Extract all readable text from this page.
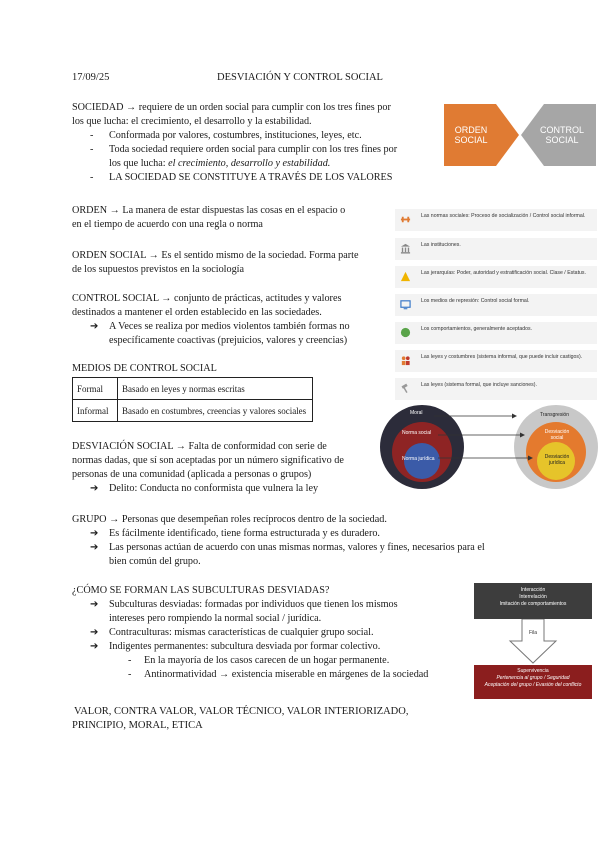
17/09/25	DESVIACIÓN Y CONTROL SOCIAL

SOCIEDAD → requiere de un orden social para cumplir con los tres fines por

los que lucha: el crecimiento, el desarrollo y la estabilidad.

- Conformada por valores, costumbres, instituciones, leyes, etc.
- Toda sociedad requiere orden social para cumplir con los tres fines por
los que lucha: el crecimiento, desarrollo y estabilidad.
- LA SOCIEDAD SE CONSTITUYE A TRAVÉS DE LOS VALORES
ORDEN SOCIAL
CONTROL SOCIAL

ORDEN → La manera de estar dispuestas las cosas en el espacio o

en el tiempo de acuerdo con una regla o norma

ORDEN SOCIAL → Es el sentido mismo de la sociedad. Forma parte

de los supuestos previstos en la sociología

CONTROL SOCIAL → conjunto de prácticas, actitudes y valores

destinados a mantener el orden establecido en las sociedades.

➔ A Veces se realiza por medios violentos también formas no
específicamente coactivas (prejuicios, valores y creencias)

MEDIOS DE CONTROL SOCIAL

Formal	Basado en leyes y normas escritas
Informal	Basado en costumbres, creencias y valores sociales
Las normas sociales: Proceso de socialización / Control social informal.
Las instituciones.
Las jerarquías: Poder, autoridad y estratificación social. Clase / Estatus.
Los medios de represión: Control social formal.
Los comportamientos, generalmente aceptados.
Las leyes y costumbres (sistema informal, que puede incluir castigos).
Las leyes (sistema formal, que incluye sanciones).
Moral
Norma social
Norma jurídica
Transgresión
Desviación social
Desviación jurídica

DESVIACIÓN SOCIAL → Falta de conformidad con serie de

normas dadas, que sí son aceptadas por un número significativo de

personas de una comunidad (aplicada a personas o grupos)

➔ Delito: Conducta no conformista que vulnera la ley

GRUPO → Personas que desempeñan roles recíprocos dentro de la sociedad.

➔ Es fácilmente identificado, tiene forma estructurada y es duradero.
➔ Las personas actúan de acuerdo con unas mismas normas, valores y fines, necesarios para el
bien común del grupo.

¿CÓMO SE FORMAN LAS SUBCULTURAS DESVIADAS?

➔ Subculturas desviadas: formadas por individuos que tienen los mismos
intereses pero rompiendo la normal social / jurídica.
➔ Contraculturas: mismas características de cualquier grupo social.
➔ Indigentes permanentes: subcultura desviada por formar colectivo.
- En la mayoría de los casos carecen de un hogar permanente.
- Antinormatividad → existencia miserable en márgenes de la sociedad
Interacción
Interrelación
Imitación de comportamientos
Fila
Supervivencia
Pertenencia al grupo / Seguridad
Aceptación del grupo / Evasión del conflicto

VALOR, CONTRA VALOR, VALOR TÉCNICO, VALOR INTERIORIZADO,

PRINCIPIO, MORAL, ETICA
